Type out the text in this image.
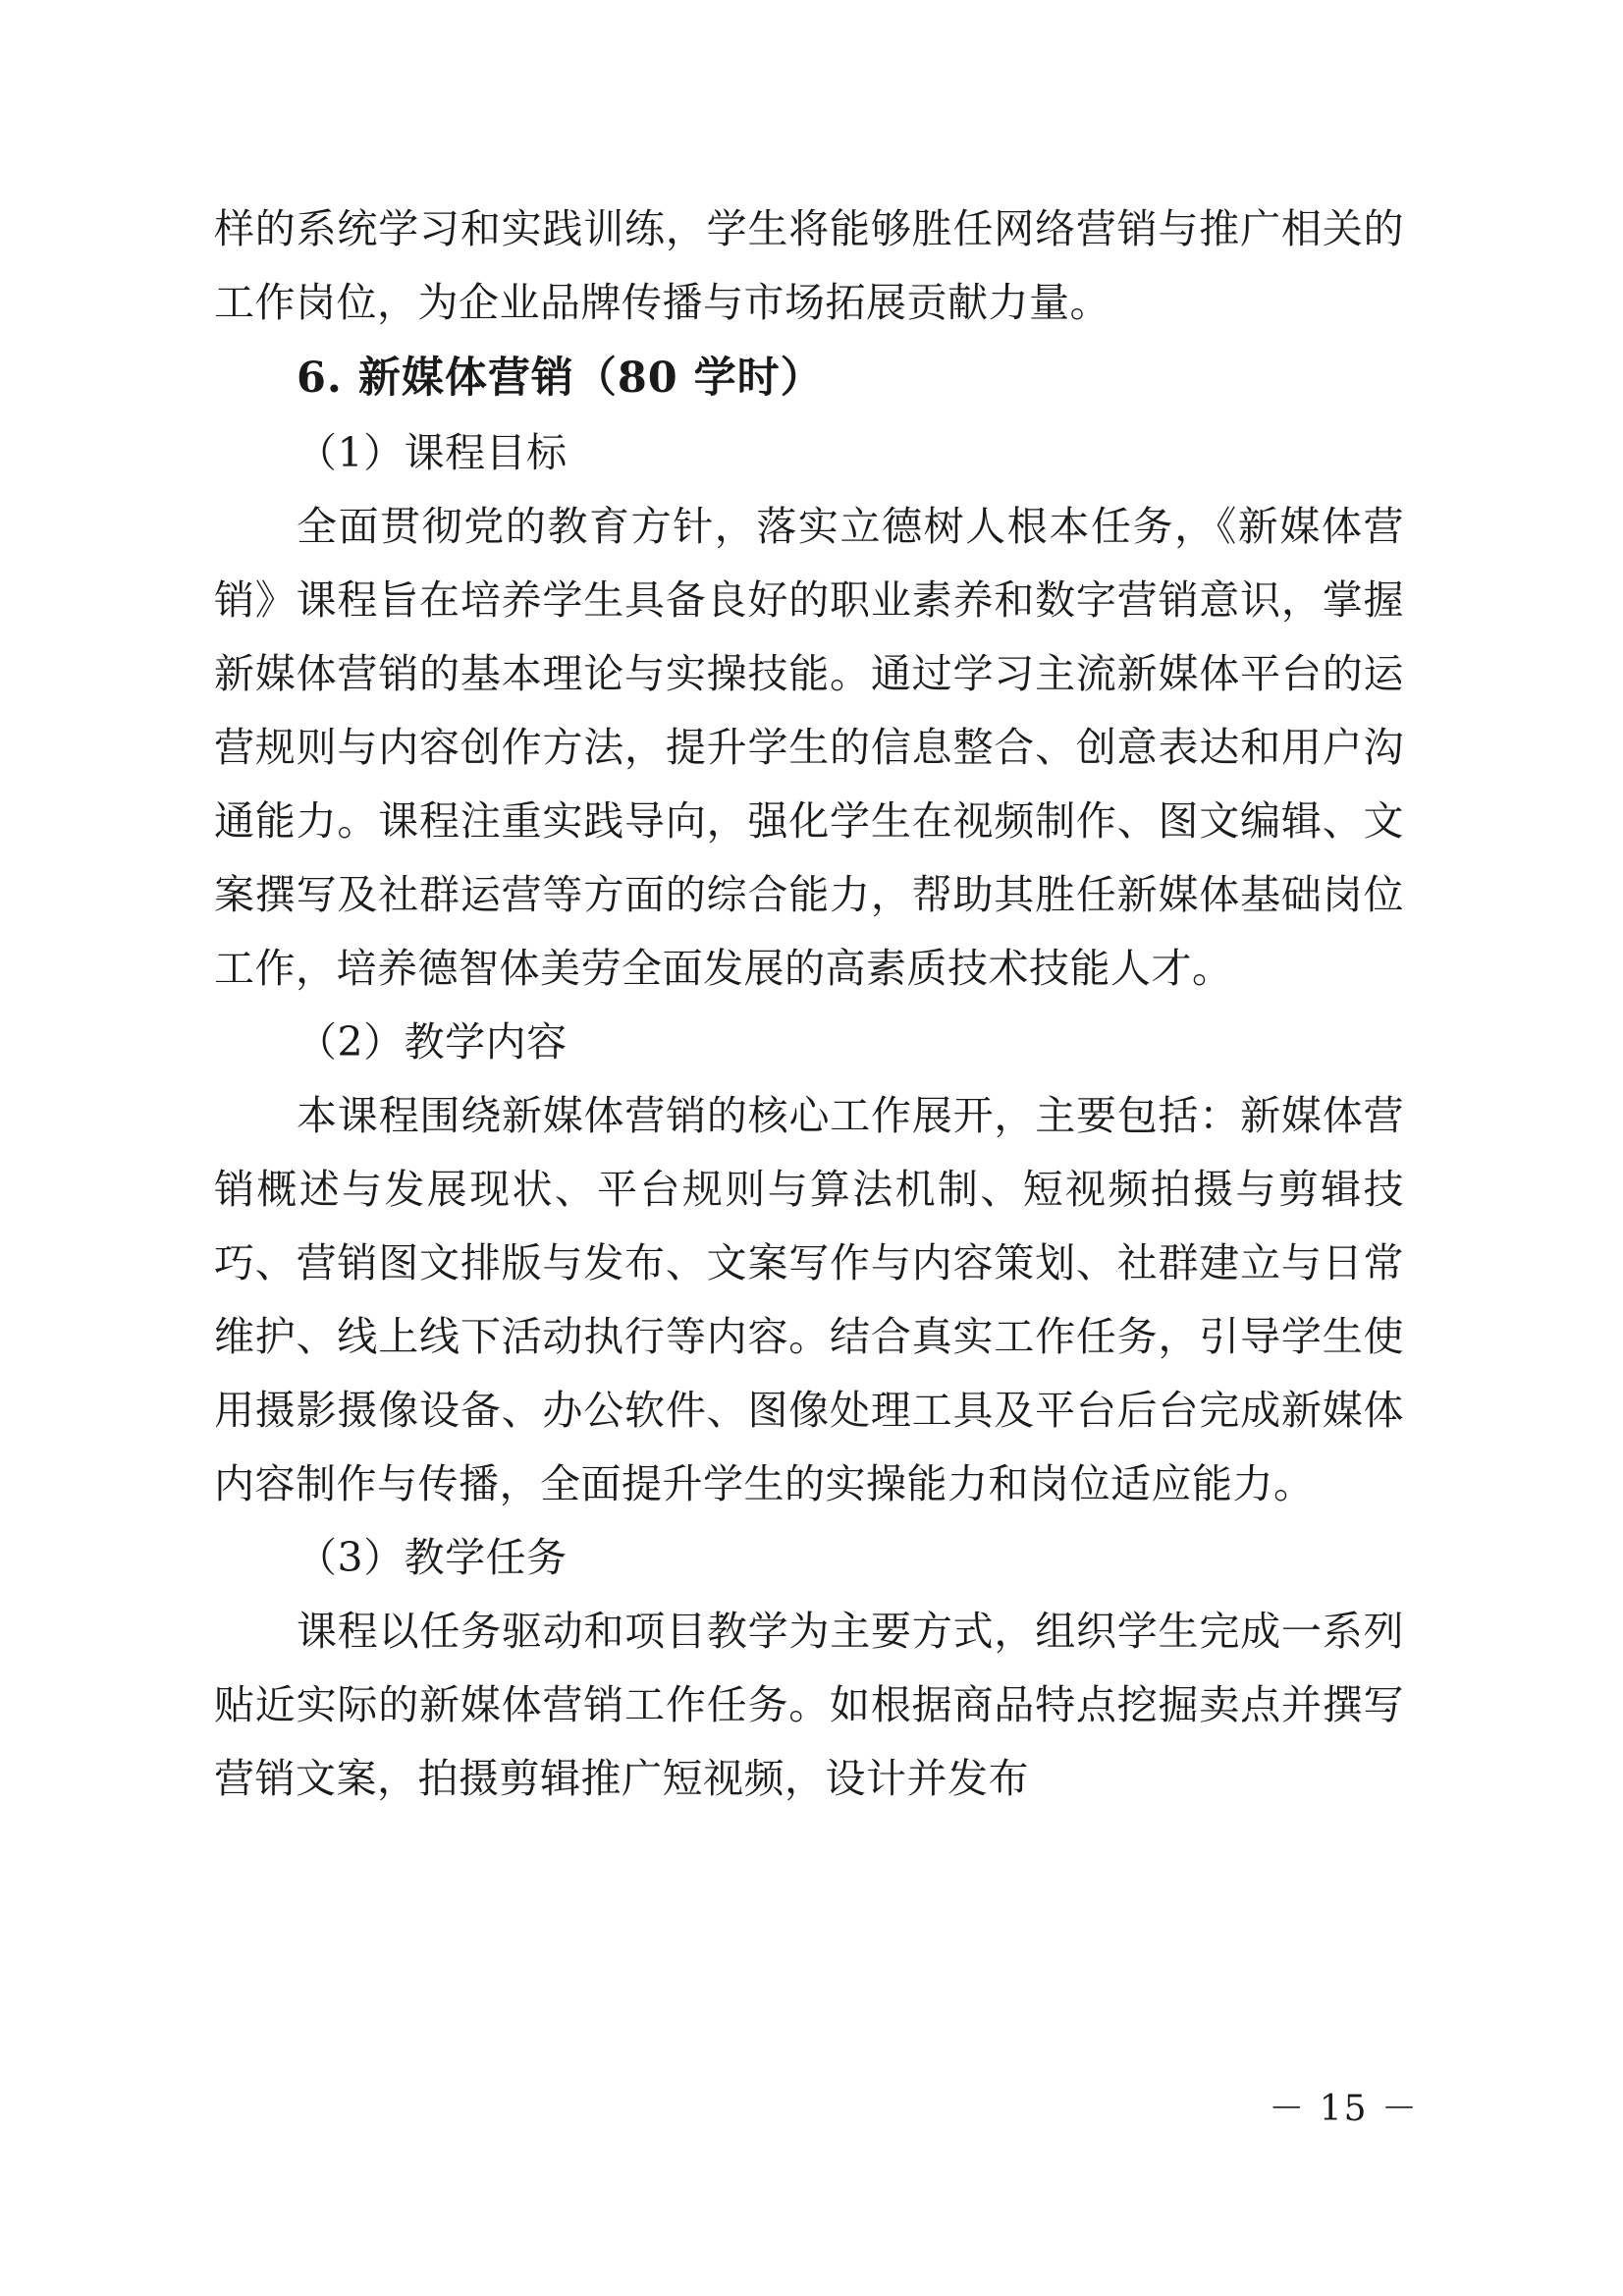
样的系统学习和实践训练，学生将能够胜任网络营销与推广相关的工作岗位，为企业品牌传播与市场拓展贡献力量。

6. 新媒体营销（80 学时）

（1）课程目标

全面贯彻党的教育方针，落实立德树人根本任务，《新媒体营销》课程旨在培养学生具备良好的职业素养和数字营销意识，掌握新媒体营销的基本理论与实操技能。通过学习主流新媒体平台的运营规则与内容创作方法，提升学生的信息整合、创意表达和用户沟通能力。课程注重实践导向，强化学生在视频制作、图文编辑、文案撰写及社群运营等方面的综合能力，帮助其胜任新媒体基础岗位工作，培养德智体美劳全面发展的高素质技术技能人才。

（2）教学内容

本课程围绕新媒体营销的核心工作展开，主要包括：新媒体营销概述与发展现状、平台规则与算法机制、短视频拍摄与剪辑技巧、营销图文排版与发布、文案写作与内容策划、社群建立与日常维护、线上线下活动执行等内容。结合真实工作任务，引导学生使用摄影摄像设备、办公软件、图像处理工具及平台后台完成新媒体内容制作与传播，全面提升学生的实操能力和岗位适应能力。

（3）教学任务

课程以任务驱动和项目教学为主要方式，组织学生完成一系列贴近实际的新媒体营销工作任务。如根据商品特点挖掘卖点并撰写营销文案，拍摄剪辑推广短视频，设计并发布

－ 15 －
